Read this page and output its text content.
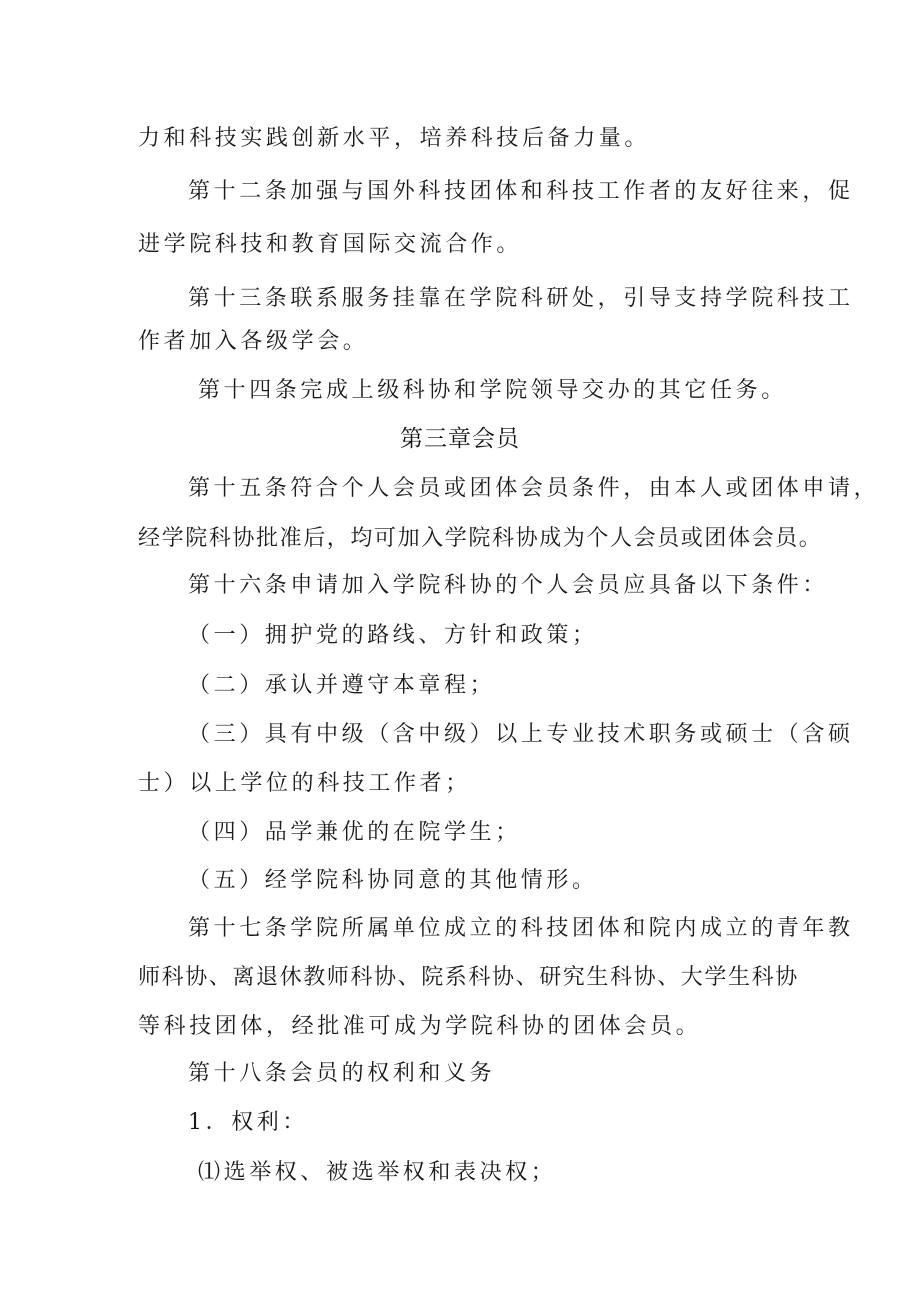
力和科技实践创新水平，培养科技后备力量。
第十二条加强与国外科技团体和科技工作者的友好往来，促
进学院科技和教育国际交流合作。
第十三条联系服务挂靠在学院科研处，引导支持学院科技工
作者加入各级学会。
第十四条完成上级科协和学院领导交办的其它任务。
第三章会员
第十五条符合个人会员或团体会员条件，由本人或团体申请，
经学院科协批准后，均可加入学院科协成为个人会员或团体会员。
第十六条申请加入学院科协的个人会员应具备以下条件：
（一）拥护党的路线、方针和政策；
（二）承认并遵守本章程；
（三）具有中级（含中级）以上专业技术职务或硕士（含硕
士）以上学位的科技工作者；
（四）品学兼优的在院学生；
（五）经学院科协同意的其他情形。
第十七条学院所属单位成立的科技团体和院内成立的青年教
师科协、离退休教师科协、院系科协、研究生科协、大学生科协
等科技团体，经批准可成为学院科协的团体会员。
第十八条会员的权利和义务
1．权利：
⑴选举权、被选举权和表决权；
